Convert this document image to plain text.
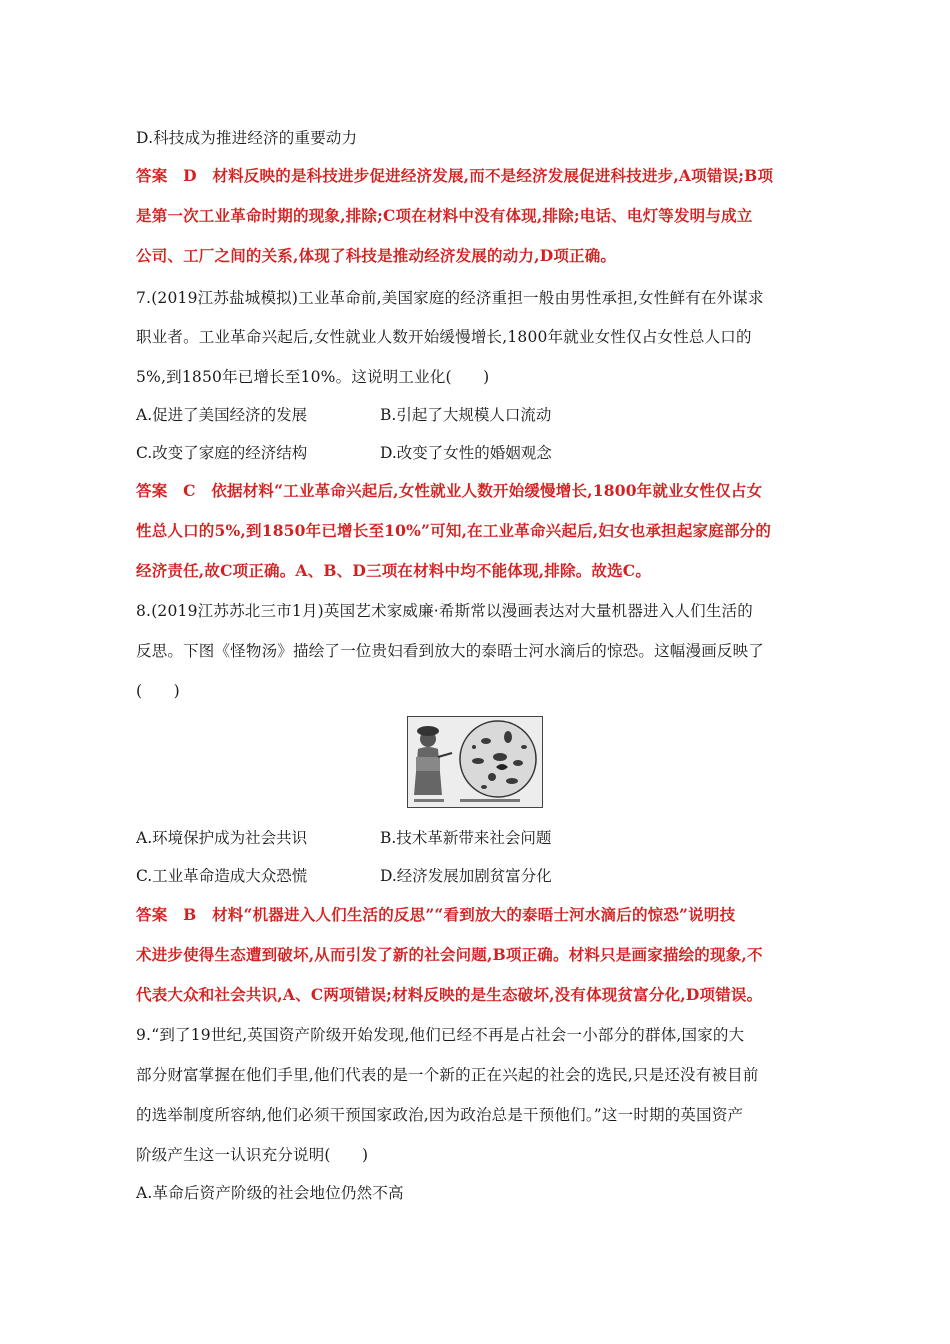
D.科技成为推进经济的重要动力
答案　D　材料反映的是科技进步促进经济发展,而不是经济发展促进科技进步,A项错误;B项
是第一次工业革命时期的现象,排除;C项在材料中没有体现,排除;电话、电灯等发明与成立
公司、工厂之间的关系,体现了科技是推动经济发展的动力,D项正确。
7.(2019江苏盐城模拟)工业革命前,美国家庭的经济重担一般由男性承担,女性鲜有在外谋求
职业者。工业革命兴起后,女性就业人数开始缓慢增长,1800年就业女性仅占女性总人口的
5%,到1850年已增长至10%。这说明工业化(　　)
A.促进了美国经济的发展	B.引起了大规模人口流动
C.改变了家庭的经济结构	D.改变了女性的婚姻观念
答案　C　依据材料“工业革命兴起后,女性就业人数开始缓慢增长,1800年就业女性仅占女
性总人口的5%,到1850年已增长至10%”可知,在工业革命兴起后,妇女也承担起家庭部分的
经济责任,故C项正确。A、B、D三项在材料中均不能体现,排除。故选C。
8.(2019江苏苏北三市1月)英国艺术家威廉·希斯常以漫画表达对大量机器进入人们生活的
反思。下图《怪物汤》描绘了一位贵妇看到放大的泰晤士河水滴后的惊恐。这幅漫画反映了
(　　)
A.环境保护成为社会共识	B.技术革新带来社会问题
C.工业革命造成大众恐慌	D.经济发展加剧贫富分化
答案　B　材料“机器进入人们生活的反思”“看到放大的泰晤士河水滴后的惊恐”说明技
术进步使得生态遭到破坏,从而引发了新的社会问题,B项正确。材料只是画家描绘的现象,不
代表大众和社会共识,A、C两项错误;材料反映的是生态破坏,没有体现贫富分化,D项错误。
9.“到了19世纪,英国资产阶级开始发现,他们已经不再是占社会一小部分的群体,国家的大
部分财富掌握在他们手里,他们代表的是一个新的正在兴起的社会的选民,只是还没有被目前
的选举制度所容纳,他们必须干预国家政治,因为政治总是干预他们。”这一时期的英国资产
阶级产生这一认识充分说明(　　)
A.革命后资产阶级的社会地位仍然不高
